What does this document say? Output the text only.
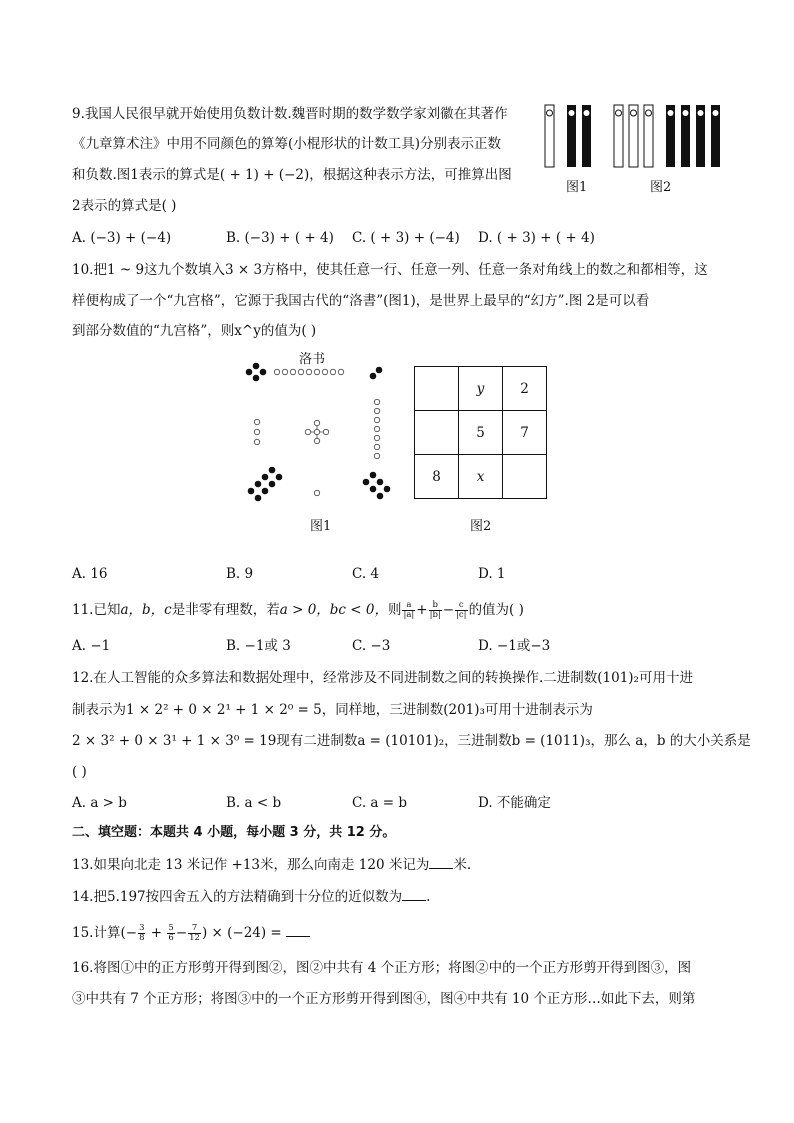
9.我国人民很早就开始使用负数计数.魏晋时期的数学数学家刘徽在其著作
《九章算术注》中用不同颜色的算筹(小棍形状的计数工具)分别表示正数
和负数.图1表示的算式是( + 1) + (−2)，根据这种表示方法，可推算出图
2表示的算式是( )
图1	图2
A. (−3) + (−4)	B. (−3) + ( + 4) C. ( + 3) + (−4) D. ( + 3) + ( + 4)
10.把1 ~ 9这九个数填入3 × 3方格中，使其任意一行、任意一列、任意一条对角线上的数之和都相等，这
样便构成了一个“九宫格”，它源于我国古代的“洛書”(图1)，是世界上最早的“幻方”.图 2是可以看
到部分数值的“九宫格”，则x^y的值为( )
洛书
图1
	y	2
	5	7
8	x	
图2
A. 16	B. 9	C. 4	D. 1
11.已知a，b，c是非零有理数，若a > 0，bc < 0，则 $\frac{a}{|a|} + \frac{b}{|b|} - \frac{c}{|c|}$ 的值为( )
A. −1	B. −1或 3	C. −3	D. −1或−3
12.在人工智能的众多算法和数据处理中，经常涉及不同进制数之间的转换操作.二进制数(101)₂可用十进
制表示为1 × 2² + 0 × 2¹ + 1 × 2⁰ = 5，同样地，三进制数(201)₃可用十进制表示为
2 × 3² + 0 × 3¹ + 1 × 3⁰ = 19现有二进制数a = (10101)₂，三进制数b = (1011)₃，那么 a，b 的大小关系是
( )
A. a > b	B. a < b	C. a = b	D. 不能确定
二、填空题：本题共 4 小题，每小题 3 分，共 12 分。
13.如果向北走 13 米记作 +13米，那么向南走 120 米记为 米.
14.把5.197按四舍五入的方法精确到十分位的近似数为 .
15.计算(− $\frac{3}{8} + \frac{5}{6} - \frac{7}{12}$ ) × (−24) =
16.将图①中的正方形剪开得到图②，图②中共有 4 个正方形；将图②中的一个正方形剪开得到图③，图
③中共有 7 个正方形；将图③中的一个正方形剪开得到图④，图④中共有 10 个正方形…如此下去，则第
